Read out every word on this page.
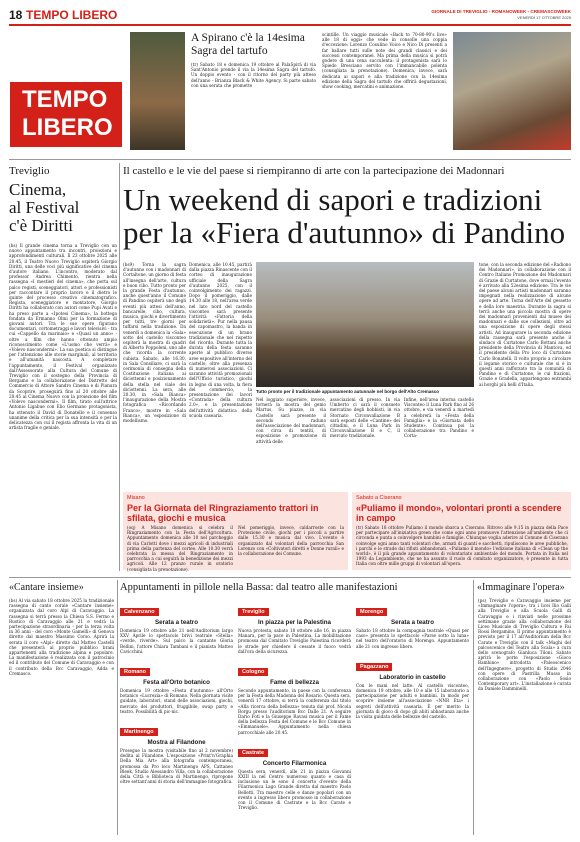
18 TEMPO LIBERO	GIORNALE DI TREVIGLIO - ROMANOWEEK - CREMASCOWEEK
VENERDÌ 17 OTTOBRE 2025
TEMPO
LIBERO
A Spirano c'è la 14esima Sagra del tartufo
(tr) Sabato 18 e domenica 19 ottobre al PalaSpirà di via Sant'Antonio prende il via la 14esima Sagra del tartufo. Un doppio evento - con il ritorno del party più atteso dell'anno - Brianza Black & White Agency. Si parte sabato con una serata che promette
scintille. Un viaggio musicale «Back to 70-80-90's live» alle 18 di oggi» che vede in consolle una coppia d'eccezione: Lorenzo Cosulino Voice e Nico Di presenti a far ballare tutti sulle note dei grandi classici e dei successi contemporanei. Ma prima della musica si potrà godere di una cena succulenta: il protagonista sarà lo Spiedo Bresciano servito con l'immancabile polenta (consigliata la prenotazione). Domenica, invece, sarà dedicata ai sapori e alla tradizione con la 14esima edizione della Sagra del tartufo che offrirà degustazioni, show cooking, mercatini e animazione.
Treviglio	Il castello e le vie del paese si riempiranno di arte con la partecipazione dei Madonnari
Un weekend di sapori e tradizioni
per la «Fiera d'autunno» di Pandino
(bs9) Torna la sagra d'autunno con i madonnari di Cortaltone, un giorno di festa all'insegna dell'arte, cultura e buon cibo. Tutto pronto per la grande Festa d'autunno, anche quest'anno il Comune di Pandino ospiterà uno degli eventi più attesi dell'anno, bancarelle, cibo, cultura, musica, giochi e divertimento per tutti, tre giorni per tuffarsi nella tradizione. Da venerdì a domenica la «Sala» sotto del castello visconteo ospiterà la mostra di quadri di Alberto Poppoleni, uno alle che ricorda la corrente cubista. Sabato, alle 16.30, in Sala Consiliare, ci sarà la cerimonia di consegna della Costituzione italiana ai diciottenni e posizionamento della stella nel viale dei diciottenni. La sera, alle 20.30, in «Sala Bianca» l'inaugurazione della Mostra fotografica «Ricordando Franco», mostre in «Sala Bianca», un 'esposizione di modellismo.
Domenica, alle 10.45, partirà dalla piazza Rinascente con il corteo di inaugurazione ufficiale della Sagra d'autunno 2025, con il coinvolgimento dei ragazzi. Dopo il pomeriggio, dalle 14.30 alle 18, nell'area verde nel lato nord del castello visconteo sarà presente l'attività «Fattoria della solidarietà». Pur nella pausa del capomastro, la banda in esecuzione di un brano tradizionale che nel rispetto del ricordo. Durante tutta la durata della festa saranno aperte al pubblico diverse aree espositive all'interno del castello, oltre alla presenza di numerosi associazioni. Ci saranno attività promozionali dell'Ufficio turistico, giochi in legno di una volta, la fiera del commercio, la presentazione dei lavori «Contrada» della cultura 2.0», e la presentazione dell'attività didattica della scuola casearia.
Tutto pronto per il tradizionale appuntamento autunnale nel borgo dell'Alto Cremasco
Nel loggiato superiore, invece, tornerà la mostra del genio Martus, Su piazze, in via Castello sarà presente il secondo raduno dell'associazione del madonnari, con circa di tentiti, di esposizione e promozione di attività delle
associazioni di presso. In via Umberto ci sarà il consueto mercatino degli hobbisti, in via Stornato Circonvallazione B sarà esposti delle «Cantine» dei cittadini, e il Luna Park in Circonvallazione B e C, il mercato tradizionale.
Infine, nell'area interna castello Visconteo il Luna Park fino al 26 ottobre, e via venerdì a martedì a celebrerà la «Festa della Famiglia» e la «Giornata dello Studente». Continua poi la collaborazione tra Pandino e Corta-
tone, con la seconda edizione del «Radiono dei Madonnari», in collaborazione con il Centro Italiano Promozione dei Madonnari di Grazie di Curtatone, dove ormai l'evento è arrivato alla 52esima edizione. Tra le vie del paese alcuni artisti madonnari saranno impegnati nella realizzazione di alcune opere ad arte. Torna dell'Arte del gessetto e della loro maestria. Durante la sagra si terrà anche una piccola mostra di opere dei madonnari provenienti dal museo dei madonnari e dalle sue collezioni, oltre ad una esposizione di opere degli stessi artisti. Ad inaugurare la seconda edizione della rassegna sarà presente anche il sindaco di Curtatone Carlo Bottani anche presidente della Provincia di Mantova, ed il presidente della Pro loco di Curtatone Carlo Bonatelli. Il volto proprio a circolare il legame storico e culturale che si è in questi anni rafforzato tra la comunità di Pandino e di Curtatone, le cui frazioni, Grazie e Gradella, appartengono entrambi ai borghi più belli d'Italia.
Cinema,
al Festival
c'è Diritti
(bs) Il grande cinema torna a Treviglio con un nuovo appuntamento tra incontri, proiezioni e approfondimenti culturali. Il 23 ottobre 2025 alle 20.45, il Teatro Nuovo Treviglio ospiterà Giorgio Diritti, una delle voci più significative del cinema d'autore italiano. L'incontro, moderato dal professor Andrea Chimento, rientra nella rassegna «I mestieri del cinema», che porta sul palco registi, sceneggiatori, attori e professionisti per raccontare il proprio lavoro e il dietro le quinte del processo creativo cinematografico. Regista, sceneggiatore e montatore, Giorgio Diritti ha collaborato con autori come Pupi Avati e ha preso parte a «Ipotesi Cinema», la bottega fondata da Ermanno Olmi per la formazione di giovani autori. Tra le sue opere figurano documentari, cortometraggi e lavori televisivi - tra cui «Cappello da marinaio» e «Quasi un anno» - oltre a film che hanno ottenuto ampio riconoscimento come «L'uomo che verrà» e «Volevo nascondermi». La sua poetica si distingue per l'attenzione alle storie marginali, al territorio e all'umanità nascosta. A completare l'appuntamento, il Festival organizzato dall'Assessorato alla Cultura del Comune di Treviglio con il sostegno della Provincia di Bergamo e la collaborazione del Distretto del Commercio di Attore Sandro Cinema e di Pianura da Scoprire, proseguirà fino al 20 ottobre alle 20.45 al Cinema Nuovo con la proiezione del film «Volevo nascondermi». Il film, tirato sull'attrice Antonio Ligabue con Elio Germano protagonista, ha ottenuto il David di Donatello e il consenso unanime della critica per la sua intensità e per la delicatezza con cui il regista affronta la vita di un artista fragile e geniale.
Misano
Per la Giornata del Ringraziamento trattori in sfilata, giochi e musica
(oq) A Misano domenica si celebra il Ringraziamento con la Festa dell'Agricoltura. Appuntamento domenica alle 10 nel parcheggio di via Carlotti dove i mezzi agricoli di industriali prima della partenza del corteo. Alle 10.30 verrà celebrata la messa del Ringraziamento in parrocchia a cui seguirà la benedizione dei mezzi agricoli. Alle 12 pranzo rurale in oratorio (consigliata la prenotazione).
Nel pomeriggio, invece, caldarroste con la Protezione civile, giochi per i piccoli a partire dalle 15.30 e musica dal vivo. L'evento è organizzato dal volontari della parrocchia San Lorenzo con «Coltivatori diretti e Donne rurali» e la collaborazione dei Comune.
Sabato a Ciserano
«Puliamo il mondo», volontari pronti a scendere in campo
(tr) Sabato 18 ottobre Puliamo il mondo sbarca a Ciserano. Ritrovo alle 9.15 in piazza della Pace per partecipare all'iniziativa green che come ogni anno promuove l'attenzione all'ambiente che ci circonda e punta a coinvolgere bambini e famiglie. Chiunque voglia aderire al Comune di Ciserano coinvolge ogni anno tanti volontari che, armati di guanti e sacchetti, ripuliscono le aree pubbliche, i parchi e le strade dai rifiuti abbandonati. «Puliamo il mondo» l'edizione italiana di «Clean up the world», è il più grande appuntamento di volontariato ambientale del mondo. Portata in Italia nel 1993 da Legambiente, che ne ha assunto il ruolo di comitato organizzatore, è presente in tutta Italia con oltre mille gruppi di volontari all'opera.
«Cantare insieme»	Appuntamenti in pillole nella Bassa: dal teatro alle manifestazioni	«Immaginare l'opera»
(bs) Al via sabato 18 ottobre 2025 la tradizionale rassegna di canto corale «Cantare insieme» organizzata dal coro Alpi di Caravaggio. La rassegna si terrà presso la Chiesa S.S. Fermo e Rustico di Caravaggio alle 21 e vedrà la partecipazione straordinaria - per la terza volta in 36 anni - del coro «Monte Gamelli» di Genova diretto dal maestro Massimo Corso. Aprirà la serata il coro «Alpi» diretto dal Matteo Castelli che presenterà al proprio pubblico brani appartenenti alla tradizione alpina e popolare. La manifestazione è realizzata con il patrocinio ed il contributo del Comune di Caravaggio e con il contributo della Bcc Caravaggio, Adda e Cremasco.
(ps) Treviglio e Caravaggio insieme per «Immaginare l'opera», tra i licei Ilio Galli alla Treviglio e alla Scuola Galli di Caravaggio e i rinviati nelle prossime settimane grazie alla collaborazione del Liceo Musicale di Treviglio Cultura e Fai Rossi Bergamino. Il primo appuntamento è previsto per il 17 all'Auditorium della Bcc Carate e Treviglio con il talk «Maghi del palcoscenico del Teatro alla Scala» a cura dello scenografo Gianluca Tiloni. Sabato aprirà le porte l'esposizione «Gioco Bambino» introdotta «Paleoscenico dell'Ingegnere», progetto di Studio 2046 con opere di Pastrilla Musso in collaborazione con «Paolo Sosio Contemporary art». L'installazione è curata da Daniele Damminelli.
Calvenzano
Serata a teatro
Domenica 19 ottobre alle 21 nell'Auditorium largo XXV Aprile lo spettacolo brivi teatrale «Stella» «verde, riverde». Sul palco la cantante Gloria Bellini, l'attore Chiara Tambani e il pianista Matteo Cavicchini.
Romano
Festa all'Orto botanico
Domenica 19 ottobre «Festa d'autunno» all'Orto botanico «Lucrezia» di Romano. Nella giornata visite guidate, laboratori, stand delle associazioni, giochi, mercato dei produttori, fruggibile, swap party e teatro. Possibilità di pic-nic.
Martinengo
Mostra al Filandone
Prosegue la mostra (visitabile fino al 2 novembre) dedita al Filandone. L'esposizione «Print'n'Graphia Della Mia Art» alla fotografia contemporanea, promossa da Pro loco Martinengo APS, Cattaneo Bleek, Studio Alessandro Villa, con la collaborazione della Città e Biblioteca di Martinengo, ripropone oltre settant'anni di storia dell'immagine fotografica.
Treviglio
In piazza per la Palestina
Nuova protesta, sabato 18 ottobre alle 16, in piazza Manara, per la pace in Palestina. La mobilitazione promossa dal Comitato Treviglio Palestina ricorderà le strade per chiedere il cessate il fuoco vedrà dall'ora della sicurezza.
Cologno
Fame di bellezza
Secondo appuntamento, in paese con la conferenza per la Festa della Madonna del Rosario. Questa sera, venerdì 17 ottobre, si terrà la conferenza dal titolo «Alla ricerca della bellezza» tenuta dal prof. Nicola Borgu presso l'auditorium Bcc Dalle 21. A seguire Dario Foti e la Giuseppe Ravasi musica per il Fame della bellezza Festa del Comune e le Bcc Comune in «Emmanuele». Appuntamento nella chiesa parrocchiale alle 20.45.
Castrate
Concerto Filarmonica
Questa sera, venerdì, alle 21 in piazza Giovanni XXIII la nel Centro numeroso quanto e casa di inclusione un le sono il concerto d'evento della Filarmonica Lago Grande diretta dal maestro Paolo Belletti. Tra maestro celle e danze popolari con un evento a ingresso libero promosso in collaborazione con il Comune di Castrate e la Bcc Carate e Treviglio.
Morengo
Serata a teatro
Sabato 18 ottobre la compagnia teatrale «Quasi per caso» presenta lo spettacolo «Parse sotto la luna» nel teatro dell'oratorio di Morengo. Appuntamento alle 21 con ingresso libero.
Pagazzano
Laboratorio in castello
Con le mani nel latte. Al castello visconteo, domenica 19 ottobre, alle 10 e alle 15 laboratorio a partecipazione per adulti e bambini. In modo per scoprire insieme all'associazione «NNR Eta» i segreti dell'attività casearia. È per merito la giornata di gioco di dopo gli abiti abbastanza anche la visita guidata delle bellezze del castello.
